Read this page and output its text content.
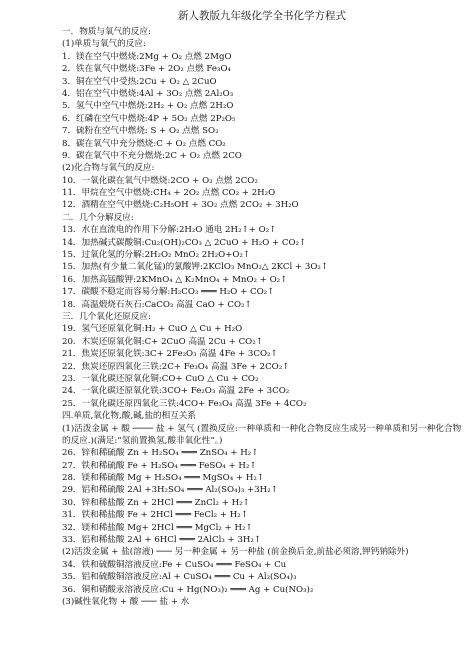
新人教版九年级化学全书化学方程式
一．物质与氧气的反应:
(1)单质与氧气的反应:
1．镁在空气中燃烧:2Mg + O₂ 点燃 2MgO
2．铁在氧气中燃烧:3Fe + 2O₂ 点燃 Fe₃O₄
3．铜在空气中受热:2Cu + O₂ △ 2CuO
4．铝在空气中燃烧:4Al + 3O₂ 点燃 2Al₂O₃
5．氢气中空气中燃烧:2H₂ + O₂ 点燃 2H₂O
6．红磷在空气中燃烧:4P + 5O₂ 点燃 2P₂O₅
7．硫粉在空气中燃烧: S + O₂ 点燃 SO₂
8．碳在氧气中充分燃烧:C + O₂ 点燃 CO₂
9．碳在氧气中不充分燃烧:2C + O₂ 点燃 2CO
(2)化合物与氧气的反应:
10．一氧化碳在氧气中燃烧:2CO + O₂ 点燃 2CO₂
11．甲烷在空气中燃烧:CH₄ + 2O₂ 点燃 CO₂ + 2H₂O
12．酒精在空气中燃烧:C₂H₅OH + 3O₂ 点燃 2CO₂ + 3H₂O
二．几个分解反应:
13．水在直流电的作用下分解:2H₂O 通电 2H₂↑+ O₂↑
14．加热碱式碳酸铜:Cu₂(OH)₂CO₃ △ 2CuO + H₂O + CO₂↑
15．过氧化氢的分解:2H₂O₂ MnO₂ 2H₂O+O₂↑
15．加热(有少量二氧化锰)的氯酸钾:2KClO₃ MnO₂△ 2KCl + 3O₂↑
16．加热高锰酸钾:2KMnO₄ △ K₂MnO₄ + MnO₂ + O₂↑
17．碳酸不稳定而容易分解:H₂CO₃ ═══ H₂O + CO₂↑
18．高温煅烧石灰石:CaCO₃ 高温 CaO + CO₂↑
三．几个氧化还原反应:
19．氢气还原氧化铜:H₂ + CuO △ Cu + H₂O
20．木炭还原氧化铜:C+ 2CuO 高温 2Cu + CO₂↑
21．焦炭还原氧化铁:3C+ 2Fe₂O₃ 高温 4Fe + 3CO₂↑
22．焦炭还原四氧化三铁:2C+ Fe₃O₄ 高温 3Fe + 2CO₂↑
23．一氧化碳还原氧化铜:CO+ CuO △ Cu + CO₂
24．一氧化碳还原氧化铁:3CO+ Fe₂O₃ 高温 2Fe + 3CO₂
25．一氧化碳还原四氧化三铁:4CO+ Fe₃O₄ 高温 3Fe + 4CO₂
四.单质,氧化物,酸,碱,盐的相互关系
(1)活泼金属 + 酸 ──── 盐 + 氢气 (置换反应:一种单质和一种化合物反应生成另一种单质和另一种化合物的反应.)(满足:“氢前置换氢,酸非氧化性”。)
26．锌和稀硫酸 Zn + H₂SO₄ ═══ ZnSO₄ + H₂↑
27．铁和稀硫酸 Fe + H₂SO₄ ═══ FeSO₄ + H₂↑
28．镁和稀硫酸 Mg + H₂SO₄ ═══ MgSO₄ + H₂↑
29．铝和稀硫酸 2Al +3H₂SO₄ ═══ Al₂(SO₄)₃ +3H₂↑
30．锌和稀盐酸 Zn + 2HCl ═══ ZnCl₂ + H₂↑
31．铁和稀盐酸 Fe + 2HCl ═══ FeCl₂ + H₂↑
32．镁和稀盐酸 Mg+ 2HCl ═══ MgCl₂ + H₂↑
33．铝和稀盐酸 2Al + 6HCl ═══ 2AlCl₃ + 3H₂↑
(2)活泼金属 + 盐(溶液) ─── 另一种金属 + 另一种盐 (前金换后金,前盐必须溶,钾钙钠除外)
34．铁和硫酸铜溶液反应:Fe + CuSO₄ ═══ FeSO₄ + Cu
35．铝和硫酸铜溶液反应:Al + CuSO₄ ═══ Cu + Al₂(SO₄)₃
36．铜和硝酸汞溶液反应:Cu + Hg(NO₃)₂ ═══ Ag + Cu(NO₃)₂
(3)碱性氧化物 + 酸 ─── 盐 + 水
